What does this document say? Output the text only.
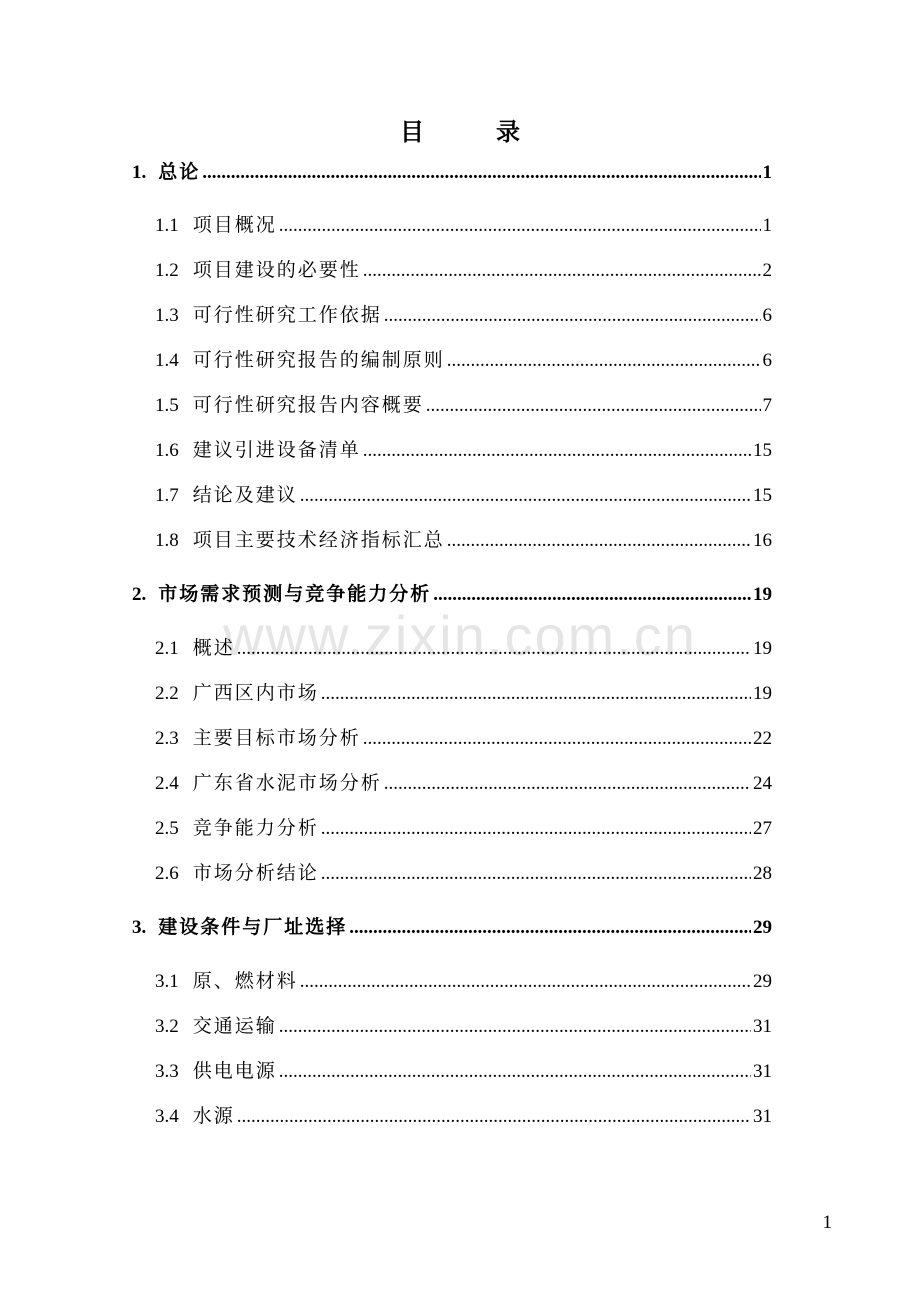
目录
www.zixin.com.cn
1. 总论 .....	1
1.1 项目概况 .....	1
1.2 项目建设的必要性 .....	2
1.3 可行性研究工作依据 .....	6
1.4 可行性研究报告的编制原则 .....	6
1.5 可行性研究报告内容概要 .....	7
1.6 建议引进设备清单 .....	15
1.7 结论及建议 .....	15
1.8 项目主要技术经济指标汇总 .....	16
2. 市场需求预测与竞争能力分析 .....	19
2.1 概述 .....	19
2.2 广西区内市场 .....	19
2.3 主要目标市场分析 .....	22
2.4 广东省水泥市场分析 .....	24
2.5 竞争能力分析 .....	27
2.6 市场分析结论 .....	28
3. 建设条件与厂址选择 .....	29
3.1 原、燃材料 .....	29
3.2 交通运输 .....	31
3.3 供电电源 .....	31
3.4 水源 .....	31
1
